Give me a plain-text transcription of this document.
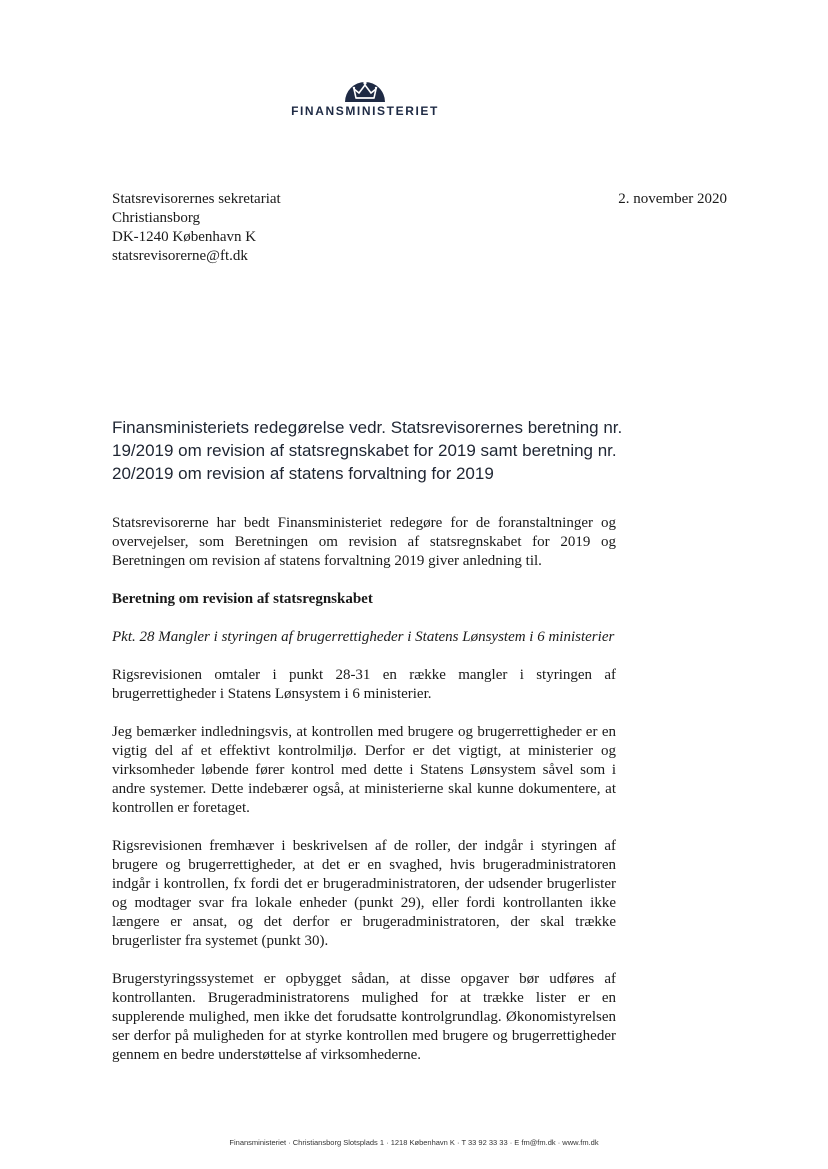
FINANSMINISTERIET
Statsrevisorernes sekretariat
Christiansborg
DK-1240 København K
statsrevisorerne@ft.dk
2. november 2020
Finansministeriets redegørelse vedr. Statsrevisorernes beretning nr. 19/2019 om revision af statsregnskabet for 2019 samt beretning nr. 20/2019 om revision af statens forvaltning for 2019

Statsrevisorerne har bedt Finansministeriet redegøre for de foranstaltninger og overvejelser, som Beretningen om revision af statsregnskabet for 2019 og Beretningen om revision af statens forvaltning 2019 giver anledning til.

Beretning om revision af statsregnskabet
Pkt. 28 Mangler i styringen af brugerrettigheder i Statens Lønsystem i 6 ministerier

Rigsrevisionen omtaler i punkt 28-31 en række mangler i styringen af brugerrettigheder i Statens Lønsystem i 6 ministerier.

Jeg bemærker indledningsvis, at kontrollen med brugere og brugerrettigheder er en vigtig del af et effektivt kontrolmiljø. Derfor er det vigtigt, at ministerier og virksomheder løbende fører kontrol med dette i Statens Lønsystem såvel som i andre systemer. Dette indebærer også, at ministerierne skal kunne dokumentere, at kontrollen er foretaget.

Rigsrevisionen fremhæver i beskrivelsen af de roller, der indgår i styringen af brugere og brugerrettigheder, at det er en svaghed, hvis brugeradministratoren indgår i kontrollen, fx fordi det er brugeradministratoren, der udsender brugerlister og modtager svar fra lokale enheder (punkt 29), eller fordi kontrollanten ikke længere er ansat, og det derfor er brugeradministratoren, der skal trække brugerlister fra systemet (punkt 30).

Brugerstyringssystemet er opbygget sådan, at disse opgaver bør udføres af kontrollanten. Brugeradministratorens mulighed for at trække lister er en supplerende mulighed, men ikke det forudsatte kontrolgrundlag. Økonomistyrelsen ser derfor på muligheden for at styrke kontrollen med brugere og brugerrettigheder gennem en bedre understøttelse af virksomhederne.

Finansministeriet · Christiansborg Slotsplads 1 · 1218 København K · T 33 92 33 33 · E fm@fm.dk · www.fm.dk
